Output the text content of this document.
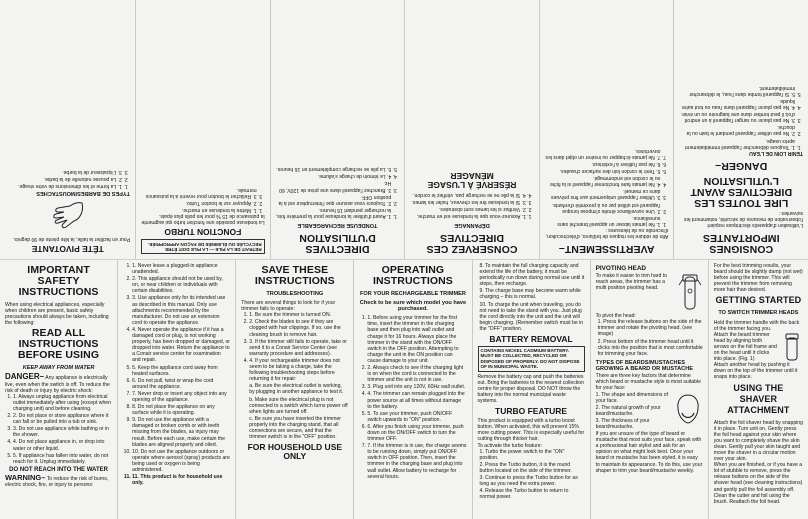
CONSIGNES IMPORTANTES

L'utilisation d'appareils électriques requiert l'observation de mesures de sécurité, notamment les suivantes :

LIRE TOUTES LES DIRECTIVES AVANT L'UTILISATION
DANGER–

TENIR LOIN DE L'EAU

1. 1. Toujours débrancher l'appareil immédiatement après usage.
2. 2. Ne pas utiliser l'appareil pendant le bain ou la douche.
3. 3. Ne pas placer ou ranger l'appareil à un endroit d'où il peut tomber dans une baignoire ou un évier.
4. 4. Ne pas placer l'appareil dans l'eau ou tout autre liquide.
5. 5. Si l'appareil tombe dans l'eau, le débrancher immédiatement.
AVERTISSEMENT–

Afin de réduire les risques de brûlures, d'électrocution, d'incendie ou de blessures :

1. 1. Ne jamais laisser un appareil branché sans surveillance.
2. 2. Une surveillance étroite s'impose lorsque l'appareil est utilisé par ou à proximité d'enfants.
3. 3. Utiliser l'appareil uniquement aux fins prévues dans ce manuel.
4. 4. Ne jamais faire fonctionner l'appareil si la fiche ou le cordon est endommagé.
5. 5. Tenir le cordon loin des surfaces chaudes.
6. 6. Ne pas l'utiliser à l'extérieur.
7. 7. Ne jamais échapper ou insérer un objet dans les ouvertures.
CONSERVEZ CES DIRECTIVES

DÉPANNAGE

1. 1. Assurez-vous que la tondeuse est en marche.
2. 2. Vérifiez si les lames sont obstruées.
3. 3. Si la tondeuse tire les cheveux, huiler les lames.
4. 4. Si la pile ne se recharge pas, vérifiez le cordon.
RÉSERVÉ À L'USAGE MÉNAGER
DIRECTIVES D'UTILISATION

TONDEUSE RECHARGEABLE

1. 1. Avant d'utiliser la tondeuse pour la première fois, la recharger pendant 16 heures.
2. 2. Toujours vous assurer que l'interrupteur est à la position OFF.
3. 3. Branchez l'appareil dans une prise de 120V, 60 Hz.
4. 4. Le témoin de charge s'allume.
5. 5. La pile se recharge complètement en 16 heures.
RETRAIT DE LA PILE — LA PILE DOIT ÊTRE RECYCLÉE OU ÉLIMINÉE DE FAÇON APPROPRIÉE.
FONCTION TURBO

La tondeuse possède une fonction turbo qui augmente la puissance de 15 % pour les poils plus épais.

1. 1. Mettre la tondeuse en marche.
2. 2. Appuyer sur le bouton Turbo.
3. 3. Relâcher le bouton pour revenir à la puissance normale.
TÊTE PIVOTANTE

Pour en faciliter la taille, la tête pivote de 90 degrés.

TYPES DE BARBES/MOUSTACHES
1. 1. La forme et les dimensions de votre visage.
2. 2. La pousse naturelle de la barbe.
3. 3. L'épaisseur de la barbe.
IMPORTANT SAFETY INSTRUCTIONS

When using electrical appliances, especially when children are present, basic safety precautions should always be taken, including the following:

READ ALL INSTRUCTIONS BEFORE USING

KEEP AWAY FROM WATER

DANGER– Any appliance is electrically live, even when the switch is off. To reduce the risk of death or injury by electric shock:

1. 1. Always unplug appliance from electrical outlet immediately after using (except when charging unit) and before cleaning.
2. 2. Do not place or store appliance where it can fall or be pulled into a tub or sink.
3. 3. Do not use appliance while bathing or in the shower.
4. 4. Do not place appliance in, or drop into water or other liquid.
5. 5. If appliance has fallen into water, do not reach for it. Unplug immediately.

DO NOT REACH INTO THE WATER

WARNING– To reduce the risk of burns, electric shock, fire, or injury to persons:

1. 1. Never leave a plugged-in appliance unattended.
2. 2. This appliance should not be used by, on, or near children or individuals with certain disabilities.
3. 3. Use appliance only for its intended use as described in this manual. Only use attachments recommended by the manufacturer. Do not use an extension cord to operate the appliance.
4. 4. Never operate the appliance if it has a damaged cord or plug, is not working properly, has been dropped or damaged, or dropped into water. Return the appliance to a Conair service center for examination and repair.
5. 5. Keep the appliance cord away from heated surfaces.
6. 6. Do not pull, twist or wrap the cord around the appliance.
7. 7. Never drop or insert any object into any opening of the appliance.
8. 8. Do not place the appliance on any surface while it is operating.
9. 9. Do not use the appliance with a damaged or broken comb or with teeth missing from the blades, as injury may result. Before each use, make certain the blades are aligned properly and oiled.
10. 10. Do not use the appliance outdoors or operate where aerosol (spray) products are being used or oxygen is being administered.
11. 11. This product is for household use only.
SAVE THESE INSTRUCTIONS

TROUBLESHOOTING

There are several things to look for if your trimmer fails to operate:

1. 1. Be sure the trimmer is turned ON.
2. 2. Check the blades to see if they are clogged with hair clippings. If so, use the cleaning brush to remove hair.
3. 3. If the trimmer still fails to operate, take or send it to a Conair Service Center (see warranty procedure and addresses).
4. 4. If your rechargeable trimmer does not seem to be taking a charge, take the following troubleshooting steps before returning it for repair:
a. Be sure the electrical outlet is working, by plugging in another appliance to test it.
b. Make sure the electrical plug is not connected to a switch which turns power off when lights are turned off.
c. Be sure you have inserted the trimmer properly into the charging stand, that all connections are secure, and that the trimmer switch is in the "OFF" position.
FOR HOUSEHOLD USE ONLY
OPERATING INSTRUCTIONS

FOR YOUR RECHARGEABLE TRIMMER

Check to be sure which model you have purchased.

1. 1. Before using your trimmer for the first time, insert the trimmer in the charging base and then plug into wall outlet and charge it for 16 hours. Always place the trimmer in the stand with the ON/OFF switch in the OFF position. Attempting to charge the unit in the ON position can cause damage to your unit.
2. 2. Always check to see if the charging light is on when the cord is connected to the trimmer and the unit is not in use.
3. 3. Plug unit into any 120V, 60Hz wall outlet.
4. 4. The trimmer can remain plugged into the power source at all times without damage to the battery.
5. 5. To use your trimmer, push ON/OFF switch upwards to "ON" position.
6. 6. After you finish using your trimmer, push down on the ON/OFF switch to turn the trimmer OFF.
7. 7. If the trimmer is in use, the charge seems to be running down, simply put ON/OFF switch in OFF position. Then, insert the trimmer in the charging base and plug into wall outlet. Allow battery to recharge for several hours.
8. To maintain the full charging capacity and extend the life of the battery, it must be periodically run down during normal use until it stops, then recharge.
9. The charge base may become warm while charging – this is normal.
10. To charge the unit when traveling, you do not need to take the stand with you. Just plug the cord directly into the unit and the unit will begin charging. (Remember switch must be in the "OFF" position.
BATTERY REMOVAL
CONTAINS NICKEL CADMIUM BATTERY. MUST BE COLLECTED, RECYCLED OR DISPOSED OF PROPERLY. DO NOT DISPOSE OF IN MUNICIPAL WASTE.

Remove the battery cap and push the batteries out. Bring the batteries to the nearest collection centre for proper disposal. DO NOT throw the battery into the normal municipal waste systems.

TURBO FEATURE

This product is equipped with a turbo boost button. When activated, this will prevent 15% more cutting power. This is especially useful for cutting through thicker hair.

To activate the turbo feature:

1. Turbo the power switch to the "ON" position.
2. Press the Turbo button, it is the round button located on the side of the trimmer.
3. Continue to press the Turbo button for as long as you need the extra power.
4. Release the Turbo button to return to normal power.
PIVOTING HEAD

To make it easier to trim hard to reach areas, the trimmer has a multi position pivoting head.

To pivot the head:

1. Press the release buttons on the side of the trimmer and rotate the pivoting head. (see image)
2. Press bottom of the trimmer head until it clicks into the position that is most comfortable for trimming your face.
TYPES OF BEARDS/MUSTACHES GROWING A BEARD OR MUSTACHE

There are three key factors that determine which beard or mustache style is most suitable for your face:

1. The shape and dimensions of your face.
2. The natural growth of your beard/mustache.
3. The thickness of your beard/mustache.

If you are unsure of the type of beard or mustache that most suits your face, speak with a professional hair stylist and ask for an opinion on what might look best. Once your beard or mustache has been styled, it is easy to maintain its appearance. To do this, use your shaper to trim your beard/mustache weekly.

For the best trimming results, your beard should be slightly damp (not wet) before using the trimmer. This will prevent the trimmer from removing more hair than desired.

GETTING STARTED

TO SWITCH TRIMMER HEADS

Hold the trimmer handle with the back of the trimmer facing you.

Attach the beard trimmer head by aligning both arrows on the foil frame and on the head until it clicks into place. (Fig. 1)

Attach another head by pushing it down on the top of the trimmer until it snaps into place.

USING THE SHAVER ATTACHMENT

Attach the foil shaver head by snapping it in place. Turn unit on. Gently press the foil head against your skin where you want to completely shave the skin clean. Gently pull your skin taught and move the shaver in a circular motion over your skin.

When you are finished, or if you have a lot of stubble to remove, press the release buttons on the side of the shaver head (see cleaning instructions) and gently pull the foil assembly off. Clean the cutter and foil using the brush. Reattach the foil head.
